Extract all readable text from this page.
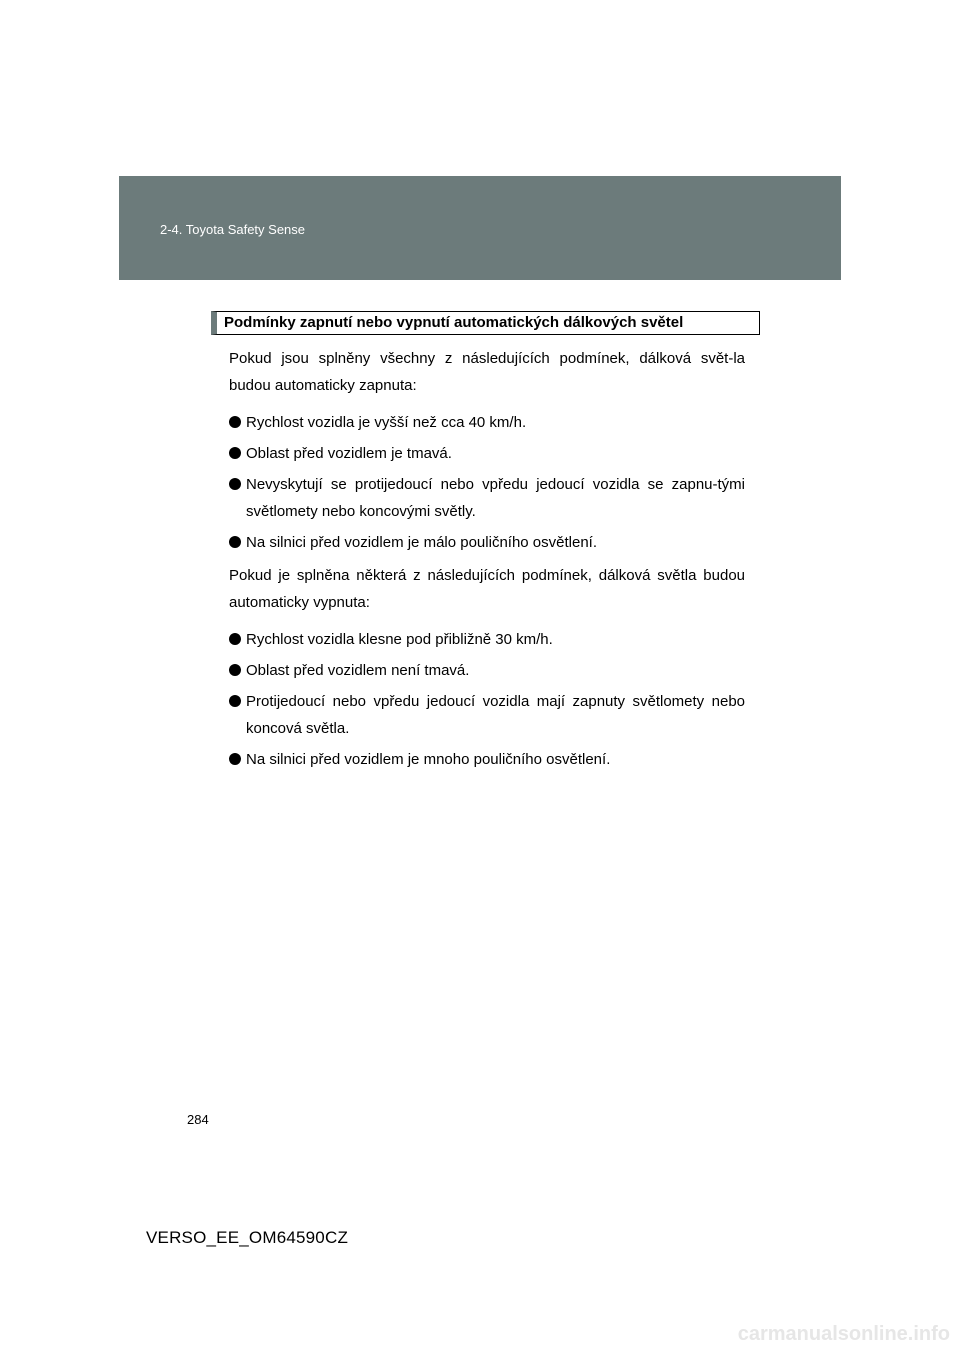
2-4. Toyota Safety Sense
Podmínky zapnutí nebo vypnutí automatických dálkových světel

Pokud jsou splněny všechny z následujících podmínek, dálková svět-la budou automaticky zapnuta:

Rychlost vozidla je vyšší než cca 40 km/h.
Oblast před vozidlem je tmavá.
Nevyskytují se protijedoucí nebo vpředu jedoucí vozidla se zapnu-tými světlomety nebo koncovými světly.
Na silnici před vozidlem je málo pouličního osvětlení.

Pokud je splněna některá z následujících podmínek, dálková světla budou automaticky vypnuta:

Rychlost vozidla klesne pod přibližně 30 km/h.
Oblast před vozidlem není tmavá.
Protijedoucí nebo vpředu jedoucí vozidla mají zapnuty světlomety nebo koncová světla.
Na silnici před vozidlem je mnoho pouličního osvětlení.
284
VERSO_EE_OM64590CZ
carmanualsonline.info
